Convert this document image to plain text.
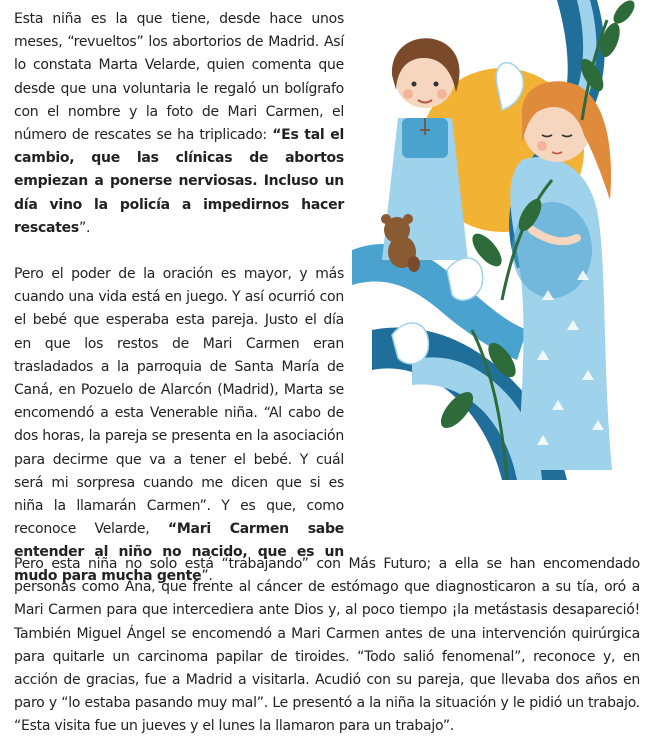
Esta niña es la que tiene, desde hace unos meses, “revueltos” los abortorios de Madrid. Así lo constata Marta Velarde, quien comenta que desde que una voluntaria le regaló un bolígrafo con el nombre y la foto de Mari Carmen, el número de rescates se ha triplicado: “Es tal el cambio, que las clínicas de abortos empiezan a ponerse nerviosas. Incluso un día vino la policía a impedirnos hacer rescates”.

Pero el poder de la oración es mayor, y más cuando una vida está en juego. Y así ocurrió con el bebé que esperaba esta pareja. Justo el día en que los restos de Mari Carmen eran trasladados a la parroquia de Santa María de Caná, en Pozuelo de Alarcón (Madrid), Marta se encomendó a esta Venerable niña. “Al cabo de dos horas, la pareja se presenta en la asociación para decirme que va a tener el bebé. Y cuál será mi sorpresa cuando me dicen que si es niña la llamarán Carmen”. Y es que, como reconoce Velarde, “Mari Carmen sabe entender al niño no nacido, que es un mudo para mucha gente”.

Pero esta niña no solo está “trabajando” con Más Futuro; a ella se han encomendado personas como Ana, que frente al cáncer de estómago que diagnosticaron a su tía, oró a Mari Carmen para que intercediera ante Dios y, al poco tiempo ¡la metástasis desapareció! También Miguel Ángel se encomendó a Mari Carmen antes de una intervención quirúrgica para quitarle un carcinoma papilar de tiroides. “Todo salió fenomenal”, reconoce y, en acción de gracias, fue a Madrid a visitarla. Acudió con su pareja, que llevaba dos años en paro y “lo estaba pasando muy mal”. Le presentó a la niña la situación y le pidió un trabajo. “Esta visita fue un jueves y el lunes la llamaron para un trabajo”.
